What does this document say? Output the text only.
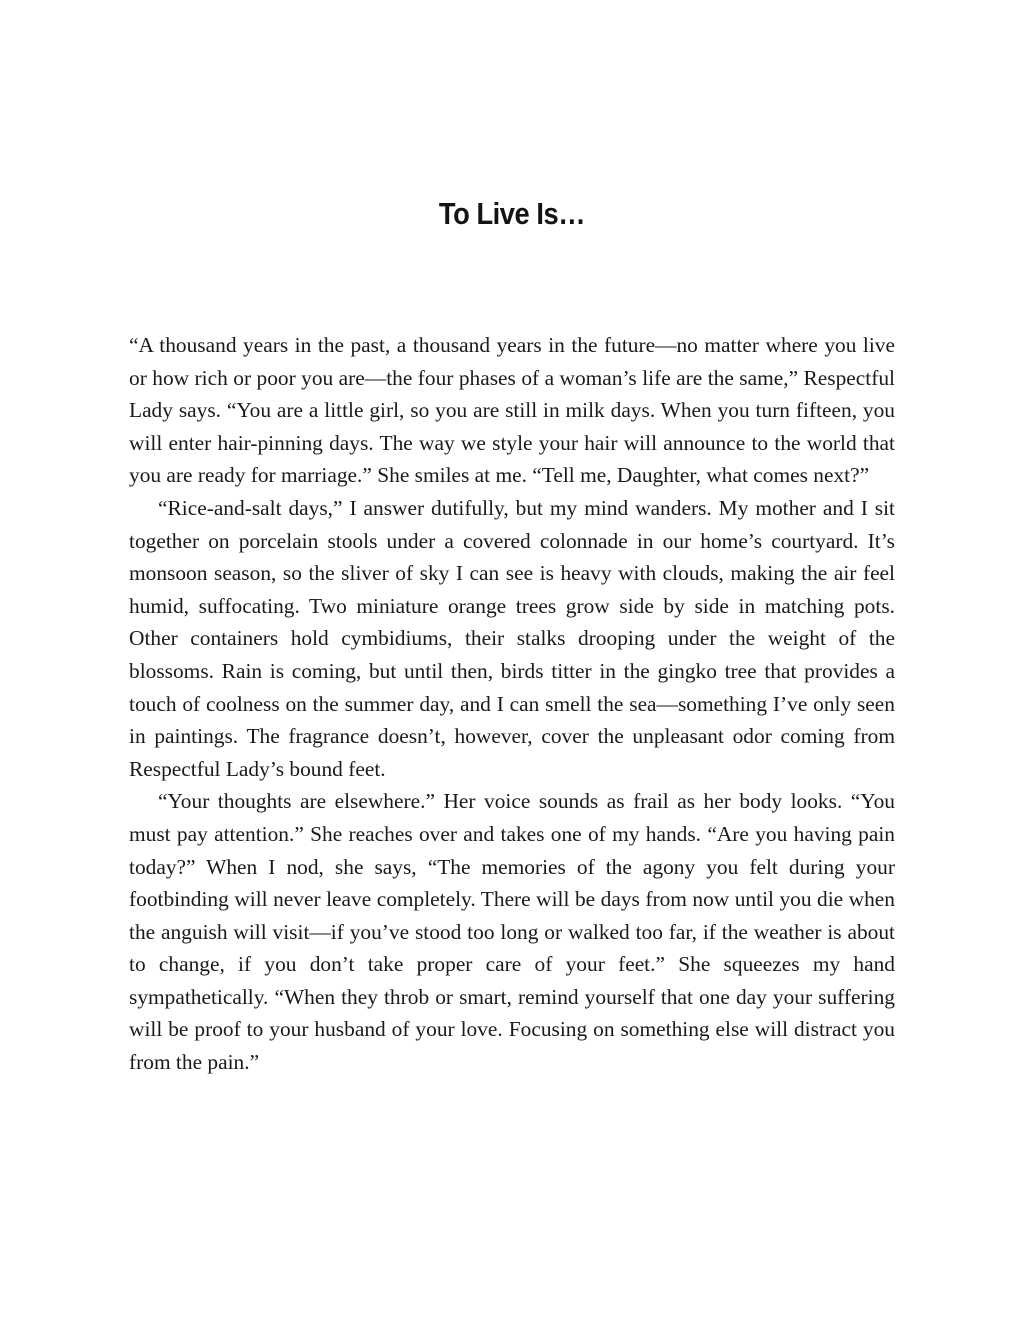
To Live Is…

“A thousand years in the past, a thousand years in the future—no matter where you live or how rich or poor you are—the four phases of a woman’s life are the same,” Respectful Lady says. “You are a little girl, so you are still in milk days. When you turn fifteen, you will enter hair-pinning days. The way we style your hair will announce to the world that you are ready for marriage.” She smiles at me. “Tell me, Daughter, what comes next?”

“Rice-and-salt days,” I answer dutifully, but my mind wanders. My mother and I sit together on porcelain stools under a covered colonnade in our home’s courtyard. It’s monsoon season, so the sliver of sky I can see is heavy with clouds, making the air feel humid, suffocating. Two miniature orange trees grow side by side in matching pots. Other containers hold cymbidiums, their stalks drooping under the weight of the blossoms. Rain is coming, but until then, birds titter in the gingko tree that provides a touch of coolness on the summer day, and I can smell the sea—something I’ve only seen in paintings. The fragrance doesn’t, however, cover the unpleasant odor coming from Respectful Lady’s bound feet.

“Your thoughts are elsewhere.” Her voice sounds as frail as her body looks. “You must pay attention.” She reaches over and takes one of my hands. “Are you having pain today?” When I nod, she says, “The memories of the agony you felt during your footbinding will never leave completely. There will be days from now until you die when the anguish will visit—if you’ve stood too long or walked too far, if the weather is about to change, if you don’t take proper care of your feet.” She squeezes my hand sympathetically. “When they throb or smart, remind yourself that one day your suffering will be proof to your husband of your love. Focusing on something else will distract you from the pain.”
